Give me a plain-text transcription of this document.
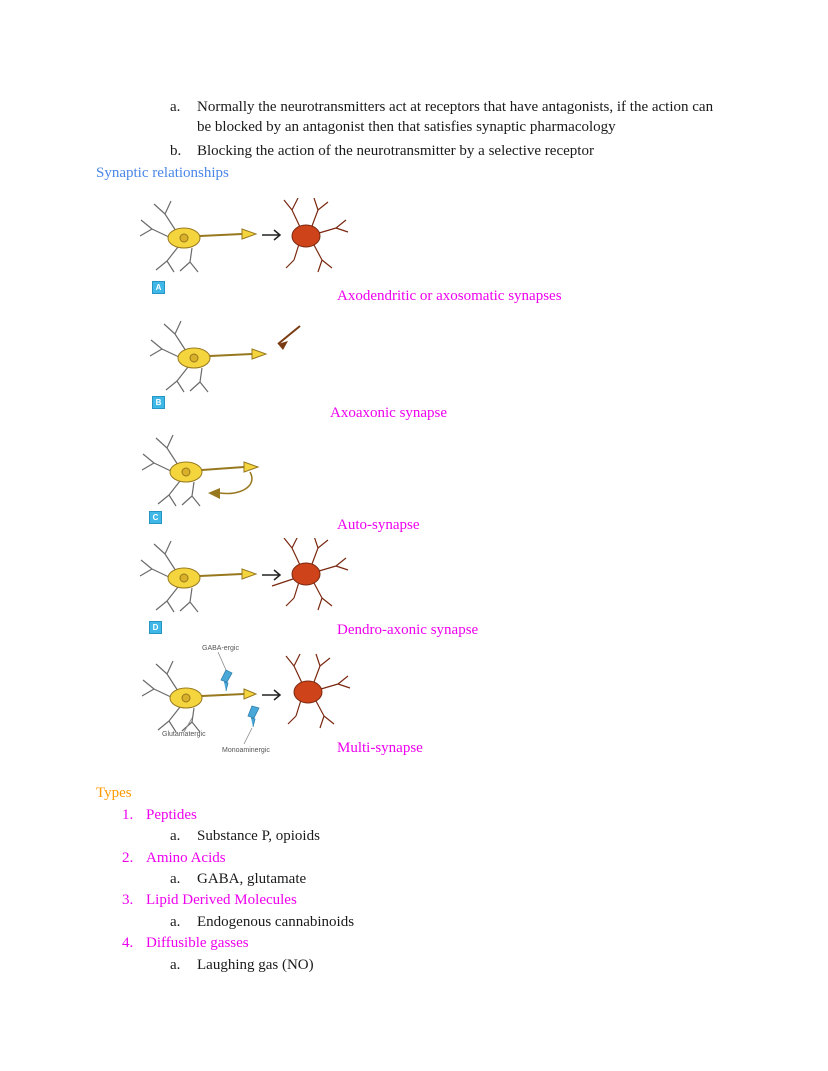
a.	Normally the neurotransmitters act at receptors that have antagonists, if the action can be blocked by an antagonist then that satisfies synaptic pharmacology
b.	Blocking the action of the neurotransmitter by a selective receptor
Synaptic relationships
A
Axodendritic or axosomatic synapses
B
Axoaxonic synapse
C	Auto-synapse
D	Dendro-axonic synapse
GABA-ergic
Glutamatergic
Monoaminergic	Multi-synapse
Types
1. Peptides
a.	Substance P, opioids
2. Amino Acids
a.	GABA, glutamate
3. Lipid Derived Molecules
a.	Endogenous cannabinoids
4. Diffusible gasses
a.	Laughing gas (NO)
